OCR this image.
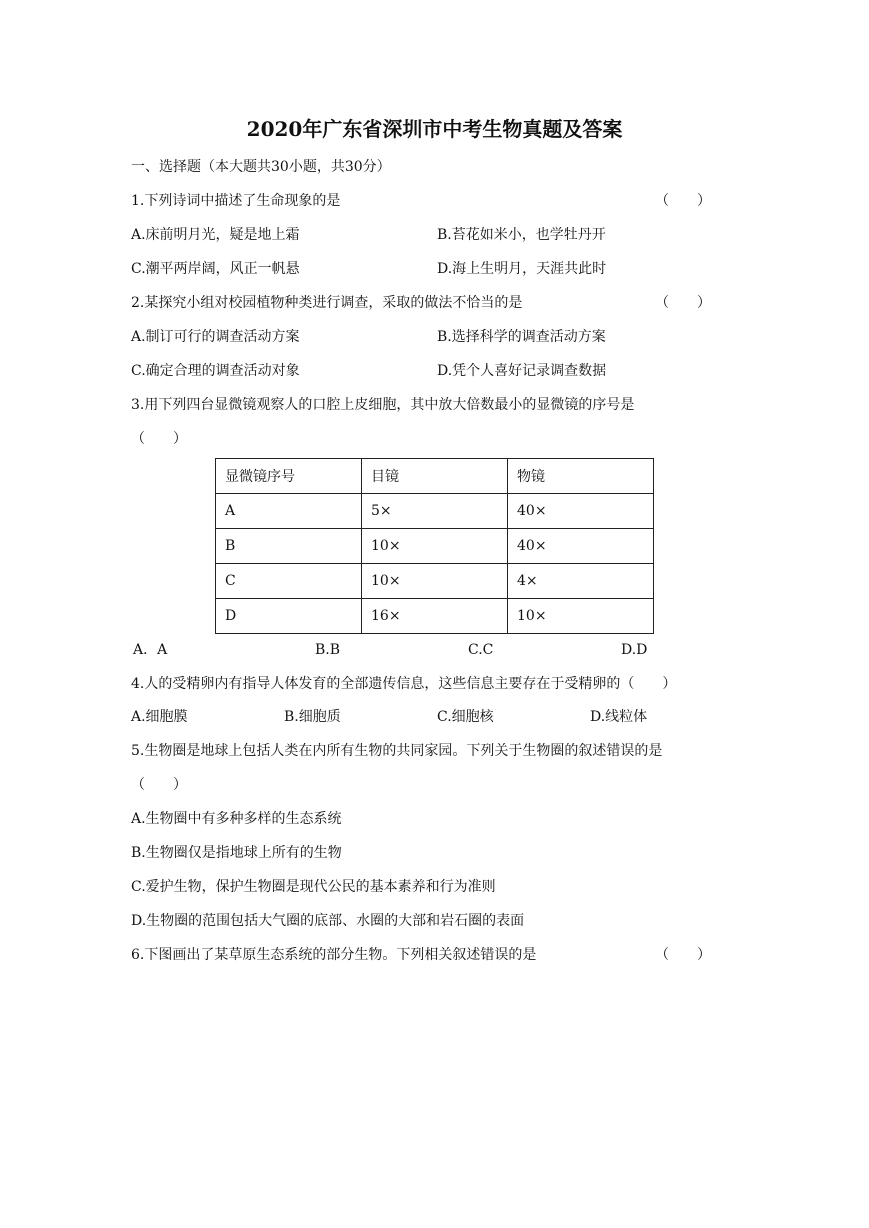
2020年广东省深圳市中考生物真题及答案
一、选择题（本大题共30小题，共30分）
1.下列诗词中描述了生命现象的是	（　　）
A.床前明月光，疑是地上霜	B.苔花如米小，也学牡丹开
C.潮平两岸阔，风正一帆悬	D.海上生明月，天涯共此时
2.某探究小组对校园植物种类进行调查，采取的做法不恰当的是	（　　）
A.制订可行的调查活动方案	B.选择科学的调查活动方案
C.确定合理的调查活动对象	D.凭个人喜好记录调查数据
3.用下列四台显微镜观察人的口腔上皮细胞，其中放大倍数最小的显微镜的序号是
（　　）
显微镜序号	目镜	物镜
A	5×	40×
B	10×	40×
C	10×	4×
D	16×	10×
A．A	B.B	C.C	D.D
4.人的受精卵内有指导人体发育的全部遗传信息，这些信息主要存在于受精卵的（　　）
A.细胞膜	B.细胞质	C.细胞核	D.线粒体
5.生物圈是地球上包括人类在内所有生物的共同家园。下列关于生物圈的叙述错误的是
（　　）
A.生物圈中有多种多样的生态系统
B.生物圈仅是指地球上所有的生物
C.爱护生物，保护生物圈是现代公民的基本素养和行为准则
D.生物圈的范围包括大气圈的底部、水圈的大部和岩石圈的表面
6.下图画出了某草原生态系统的部分生物。下列相关叙述错误的是	（　　）
